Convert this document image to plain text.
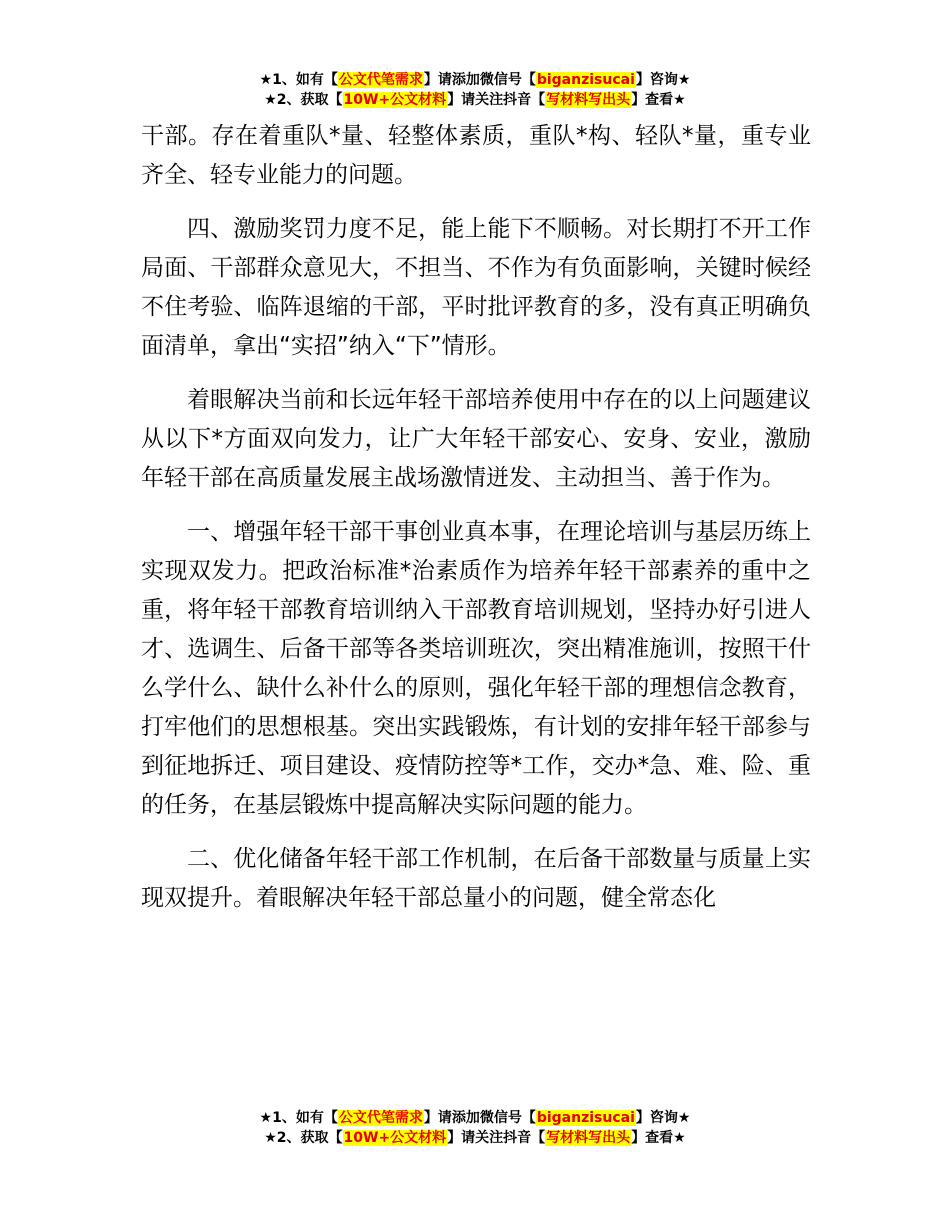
★1、如有【公文代笔需求】请添加微信号【biganzisucai】咨询★
★2、获取【10W+公文材料】请关注抖音【写材料写出头】查看★

干部。存在着重队*量、轻整体素质，重队*构、轻队*量，重专业齐全、轻专业能力的问题。

四、激励奖罚力度不足，能上能下不顺畅。对长期打不开工作局面、干部群众意见大，不担当、不作为有负面影响，关键时候经不住考验、临阵退缩的干部，平时批评教育的多，没有真正明确负面清单，拿出“实招”纳入“下”情形。

着眼解决当前和长远年轻干部培养使用中存在的以上问题建议从以下*方面双向发力，让广大年轻干部安心、安身、安业，激励年轻干部在高质量发展主战场激情迸发、主动担当、善于作为。

一、增强年轻干部干事创业真本事，在理论培训与基层历练上实现双发力。把政治标准*治素质作为培养年轻干部素养的重中之重，将年轻干部教育培训纳入干部教育培训规划，坚持办好引进人才、选调生、后备干部等各类培训班次，突出精准施训，按照干什么学什么、缺什么补什么的原则，强化年轻干部的理想信念教育，打牢他们的思想根基。突出实践锻炼，有计划的安排年轻干部参与到征地拆迁、项目建设、疫情防控等*工作，交办*急、难、险、重的任务，在基层锻炼中提高解决实际问题的能力。

二、优化储备年轻干部工作机制，在后备干部数量与质量上实现双提升。着眼解决年轻干部总量小的问题，健全常态化

★1、如有【公文代笔需求】请添加微信号【biganzisucai】咨询★
★2、获取【10W+公文材料】请关注抖音【写材料写出头】查看★
